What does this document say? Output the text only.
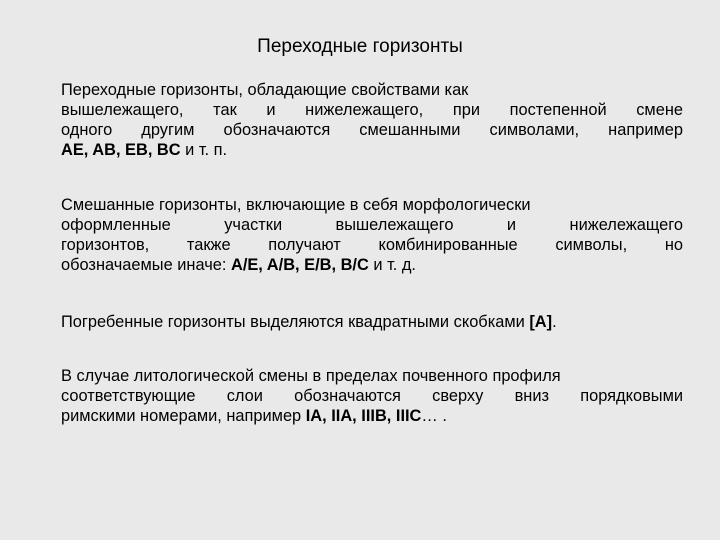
Переходные горизонты
Переходные горизонты, обладающие свойствами как
вышележащего, так и нижележащего, при постепенной смене
одного другим обозначаются смешанными символами, например
AE, AB, EB, BC и т. п.
Смешанные горизонты, включающие в себя морфологически
оформленные участки вышележащего и нижележащего
горизонтов, также получают комбинированные символы, но
обозначаемые иначе: A/E, A/B, E/B, B/C и т. д.
Погребенные горизонты выделяются квадратными скобками [A].
В случае литологической смены в пределах почвенного профиля
соответствующие слои обозначаются сверху вниз порядковыми
римскими номерами, например IA, IIA, IIIB, IIIC… .
